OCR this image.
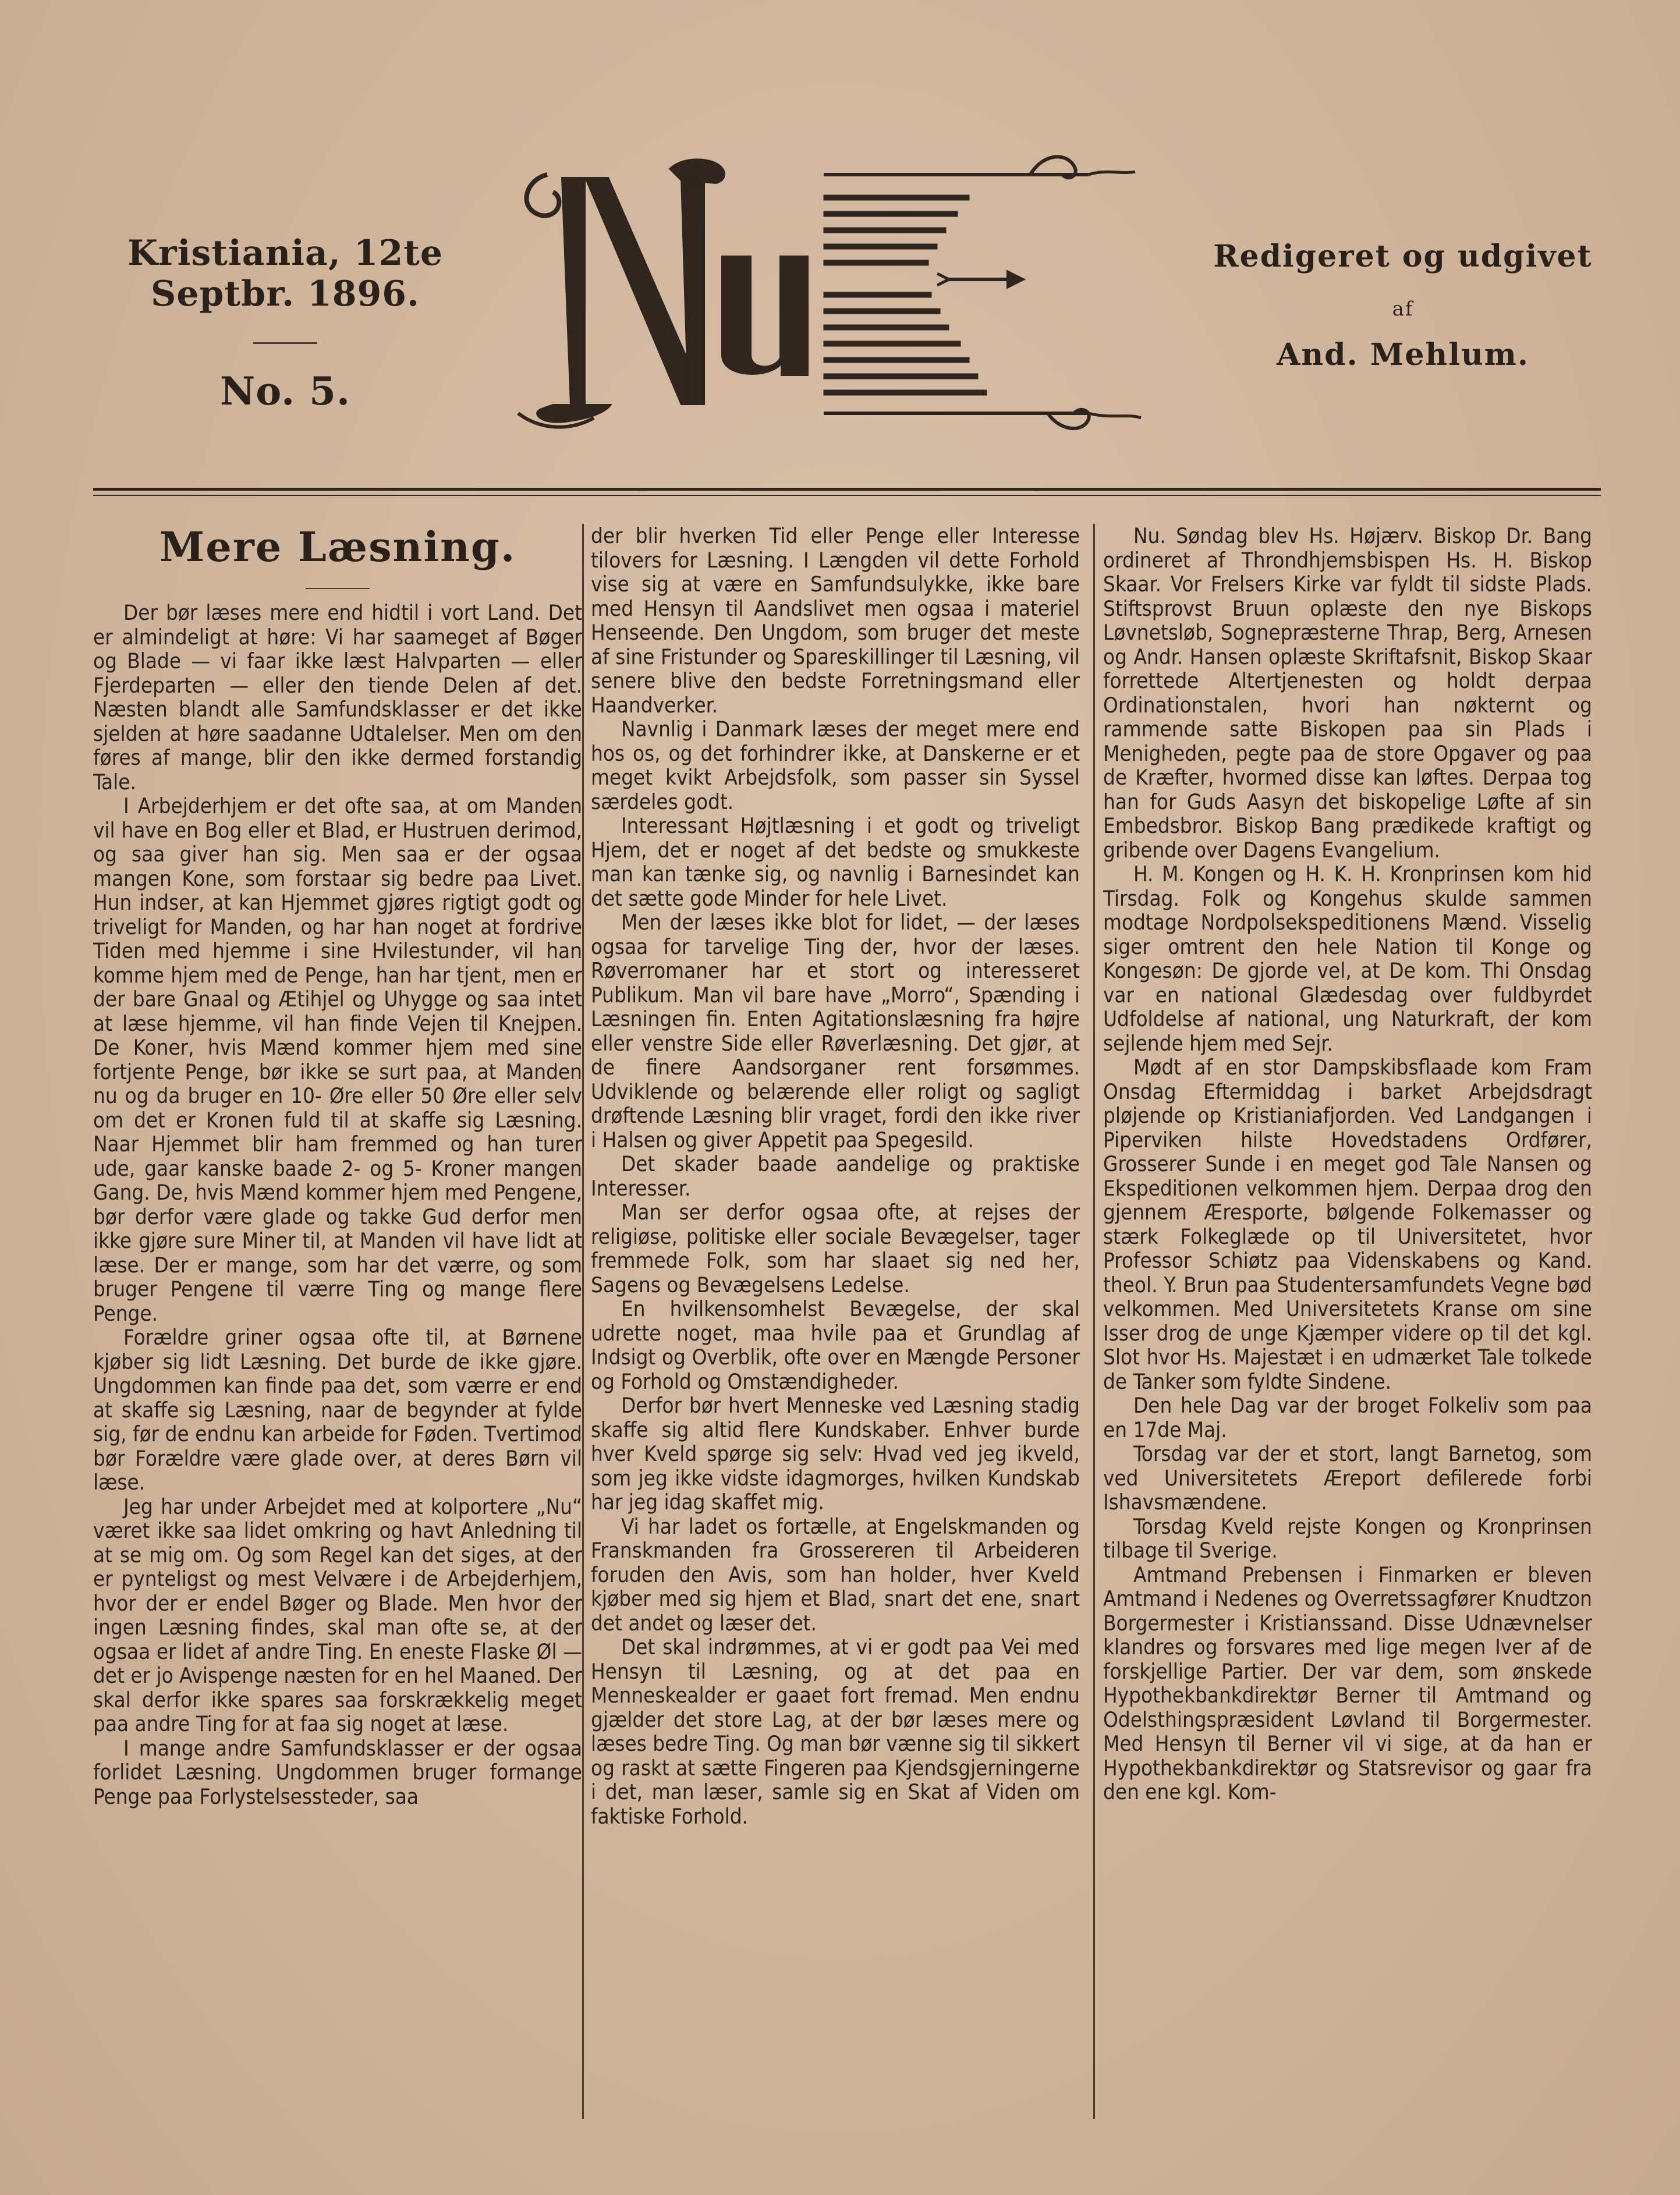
Kristiania, 12te Septbr. 1896.
No. 5.
Redigeret og udgivet
af
And. Mehlum.
Mere Læsning.

Der bør læses mere end hidtil i vort Land. Det er almindeligt at høre: Vi har saameget af Bøger og Blade — vi faar ikke læst Halvparten — eller Fjerdeparten — eller den tiende Delen af det. Næsten blandt alle Samfundsklasser er det ikke sjelden at høre saadanne Udtalelser. Men om den føres af mange, blir den ikke dermed forstandig Tale.

I Arbejderhjem er det ofte saa, at om Manden vil have en Bog eller et Blad, er Hustruen derimod, og saa giver han sig. Men saa er der ogsaa mangen Kone, som forstaar sig bedre paa Livet. Hun indser, at kan Hjemmet gjøres rigtigt godt og triveligt for Manden, og har han noget at fordrive Tiden med hjemme i sine Hvilestunder, vil han komme hjem med de Penge, han har tjent, men er der bare Gnaal og Ætihjel og Uhygge og saa intet at læse hjemme, vil han finde Vejen til Knejpen. De Koner, hvis Mænd kommer hjem med sine fortjente Penge, bør ikke se surt paa, at Manden nu og da bruger en 10- Øre eller 50 Øre eller selv om det er Kronen fuld til at skaffe sig Læsning. Naar Hjemmet blir ham fremmed og han turer ude, gaar kanske baade 2- og 5- Kroner mangen Gang. De, hvis Mænd kommer hjem med Pengene, bør derfor være glade og takke Gud derfor men ikke gjøre sure Miner til, at Manden vil have lidt at læse. Der er mange, som har det værre, og som bruger Pengene til værre Ting og mange flere Penge.

Forældre griner ogsaa ofte til, at Børnene kjøber sig lidt Læsning. Det burde de ikke gjøre. Ungdommen kan finde paa det, som værre er end at skaffe sig Læsning, naar de begynder at fylde sig, før de endnu kan arbeide for Føden. Tvertimod bør Forældre være glade over, at deres Børn vil læse.

Jeg har under Arbejdet med at kolportere „Nu“ været ikke saa lidet omkring og havt Anledning til at se mig om. Og som Regel kan det siges, at der er pynteligst og mest Velvære i de Arbejderhjem, hvor der er endel Bøger og Blade. Men hvor der ingen Læsning findes, skal man ofte se, at der ogsaa er lidet af andre Ting. En eneste Flaske Øl — det er jo Avispenge næsten for en hel Maaned. Der skal derfor ikke spares saa forskrækkelig meget paa andre Ting for at faa sig noget at læse.

I mange andre Samfundsklasser er der ogsaa forlidet Læsning. Ungdommen bruger formange Penge paa Forlystelsessteder, saa

der blir hverken Tid eller Penge eller Interesse tilovers for Læsning. I Længden vil dette Forhold vise sig at være en Samfundsulykke, ikke bare med Hensyn til Aandslivet men ogsaa i materiel Henseende. Den Ungdom, som bruger det meste af sine Fristunder og Spareskillinger til Læsning, vil senere blive den bedste Forretningsmand eller Haandverker.

Navnlig i Danmark læses der meget mere end hos os, og det forhindrer ikke, at Danskerne er et meget kvikt Arbejdsfolk, som passer sin Syssel særdeles godt.

Interessant Højtlæsning i et godt og triveligt Hjem, det er noget af det bedste og smukkeste man kan tænke sig, og navnlig i Barnesindet kan det sætte gode Minder for hele Livet.

Men der læses ikke blot for lidet, — der læses ogsaa for tarvelige Ting der, hvor der læses. Røverromaner har et stort og interesseret Publikum. Man vil bare have „Morro“, Spænding i Læsningen fin. Enten Agitationslæsning fra højre eller venstre Side eller Røverlæsning. Det gjør, at de finere Aandsorganer rent forsømmes. Udviklende og belærende eller roligt og sagligt drøftende Læsning blir vraget, fordi den ikke river i Halsen og giver Appetit paa Spegesild.

Det skader baade aandelige og praktiske Interesser.

Man ser derfor ogsaa ofte, at rejses der religiøse, politiske eller sociale Bevægelser, tager fremmede Folk, som har slaaet sig ned her, Sagens og Bevægelsens Ledelse.

En hvilkensomhelst Bevægelse, der skal udrette noget, maa hvile paa et Grundlag af Indsigt og Overblik, ofte over en Mængde Personer og Forhold og Omstændigheder.

Derfor bør hvert Menneske ved Læsning stadig skaffe sig altid flere Kundskaber. Enhver burde hver Kveld spørge sig selv: Hvad ved jeg ikveld, som jeg ikke vidste idagmorges, hvilken Kundskab har jeg idag skaffet mig.

Vi har ladet os fortælle, at Engelskmanden og Franskmanden fra Grossereren til Arbeideren foruden den Avis, som han holder, hver Kveld kjøber med sig hjem et Blad, snart det ene, snart det andet og læser det.

Det skal indrømmes, at vi er godt paa Vei med Hensyn til Læsning, og at det paa en Menneskealder er gaaet fort fremad. Men endnu gjælder det store Lag, at der bør læses mere og læses bedre Ting. Og man bør vænne sig til sikkert og raskt at sætte Fingeren paa Kjendsgjerningerne i det, man læser, samle sig en Skat af Viden om faktiske Forhold.

Nu. Søndag blev Hs. Højærv. Biskop Dr. Bang ordineret af Throndhjemsbispen Hs. H. Biskop Skaar. Vor Frelsers Kirke var fyldt til sidste Plads. Stiftsprovst Bruun oplæste den nye Biskops Løvnetsløb, Sognepræsterne Thrap, Berg, Arnesen og Andr. Hansen oplæste Skriftafsnit, Biskop Skaar forrettede Altertjenesten og holdt derpaa Ordinationstalen, hvori han nøkternt og rammende satte Biskopen paa sin Plads i Menigheden, pegte paa de store Opgaver og paa de Kræfter, hvormed disse kan løftes. Derpaa tog han for Guds Aasyn det biskopelige Løfte af sin Embedsbror. Biskop Bang prædikede kraftigt og gribende over Dagens Evangelium.

H. M. Kongen og H. K. H. Kronprinsen kom hid Tirsdag. Folk og Kongehus skulde sammen modtage Nordpolsekspeditionens Mænd. Visselig siger omtrent den hele Nation til Konge og Kongesøn: De gjorde vel, at De kom. Thi Onsdag var en national Glædesdag over fuldbyrdet Udfoldelse af national, ung Naturkraft, der kom sejlende hjem med Sejr.

Mødt af en stor Dampskibsflaade kom Fram Onsdag Eftermiddag i barket Arbejdsdragt pløjende op Kristianiafjorden. Ved Landgangen i Piperviken hilste Hovedstadens Ordfører, Grosserer Sunde i en meget god Tale Nansen og Ekspeditionen velkommen hjem. Derpaa drog den gjennem Æresporte, bølgende Folkemasser og stærk Folkeglæde op til Universitetet, hvor Professor Schiøtz paa Videnskabens og Kand. theol. Y. Brun paa Studentersamfundets Vegne bød velkommen. Med Universitetets Kranse om sine Isser drog de unge Kjæmper videre op til det kgl. Slot hvor Hs. Majestæt i en udmærket Tale tolkede de Tanker som fyldte Sindene.

Den hele Dag var der broget Folkeliv som paa en 17de Maj.

Torsdag var der et stort, langt Barnetog, som ved Universitetets Æreport defilerede forbi Ishavsmændene.

Torsdag Kveld rejste Kongen og Kronprinsen tilbage til Sverige.

Amtmand Prebensen i Finmarken er bleven Amtmand i Nedenes og Overretssagfører Knudtzon Borgermester i Kristianssand. Disse Udnævnelser klandres og forsvares med lige megen Iver af de forskjellige Partier. Der var dem, som ønskede Hypothekbankdirektør Berner til Amtmand og Odelsthingspræsident Løvland til Borgermester. Med Hensyn til Berner vil vi sige, at da han er Hypothekbankdirektør og Statsrevisor og gaar fra den ene kgl. Kom-
